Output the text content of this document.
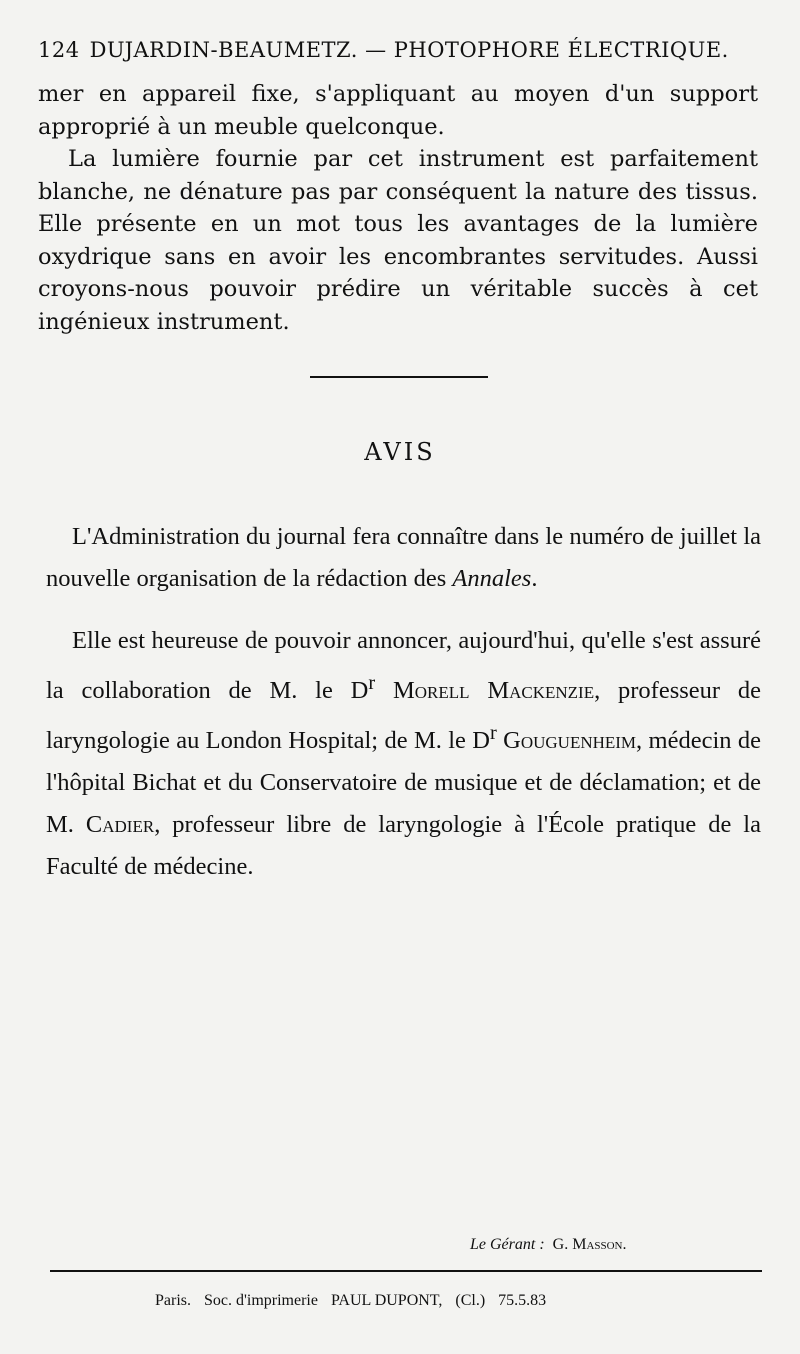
124 DUJARDIN-BEAUMETZ. — PHOTOPHORE ÉLECTRIQUE.

mer en appareil fixe, s'appliquant au moyen d'un support approprié à un meuble quelconque.

La lumière fournie par cet instrument est parfaitement blanche, ne dénature pas par conséquent la nature des tissus. Elle présente en un mot tous les avantages de la lumière oxydrique sans en avoir les encombrantes servitudes. Aussi croyons-nous pouvoir prédire un véritable succès à cet ingénieux instrument.

AVIS

L'Administration du journal fera connaître dans le numéro de juillet la nouvelle organisation de la rédaction des Annales.

Elle est heureuse de pouvoir annoncer, aujourd'hui, qu'elle s'est assuré la collaboration de M. le $D^r$ Morell Mackenzie, professeur de laryngologie au London Hospital; de M. le $D^r$ Gouguenheim, médecin de l'hôpital Bichat et du Conservatoire de musique et de déclamation; et de M. Cadier, professeur libre de laryngologie à l'École pratique de la Faculté de médecine.

Le Gérant : G. Masson.
Paris. Soc. d'imprimerie PAUL DUPONT, (Cl.) 75.5.83
